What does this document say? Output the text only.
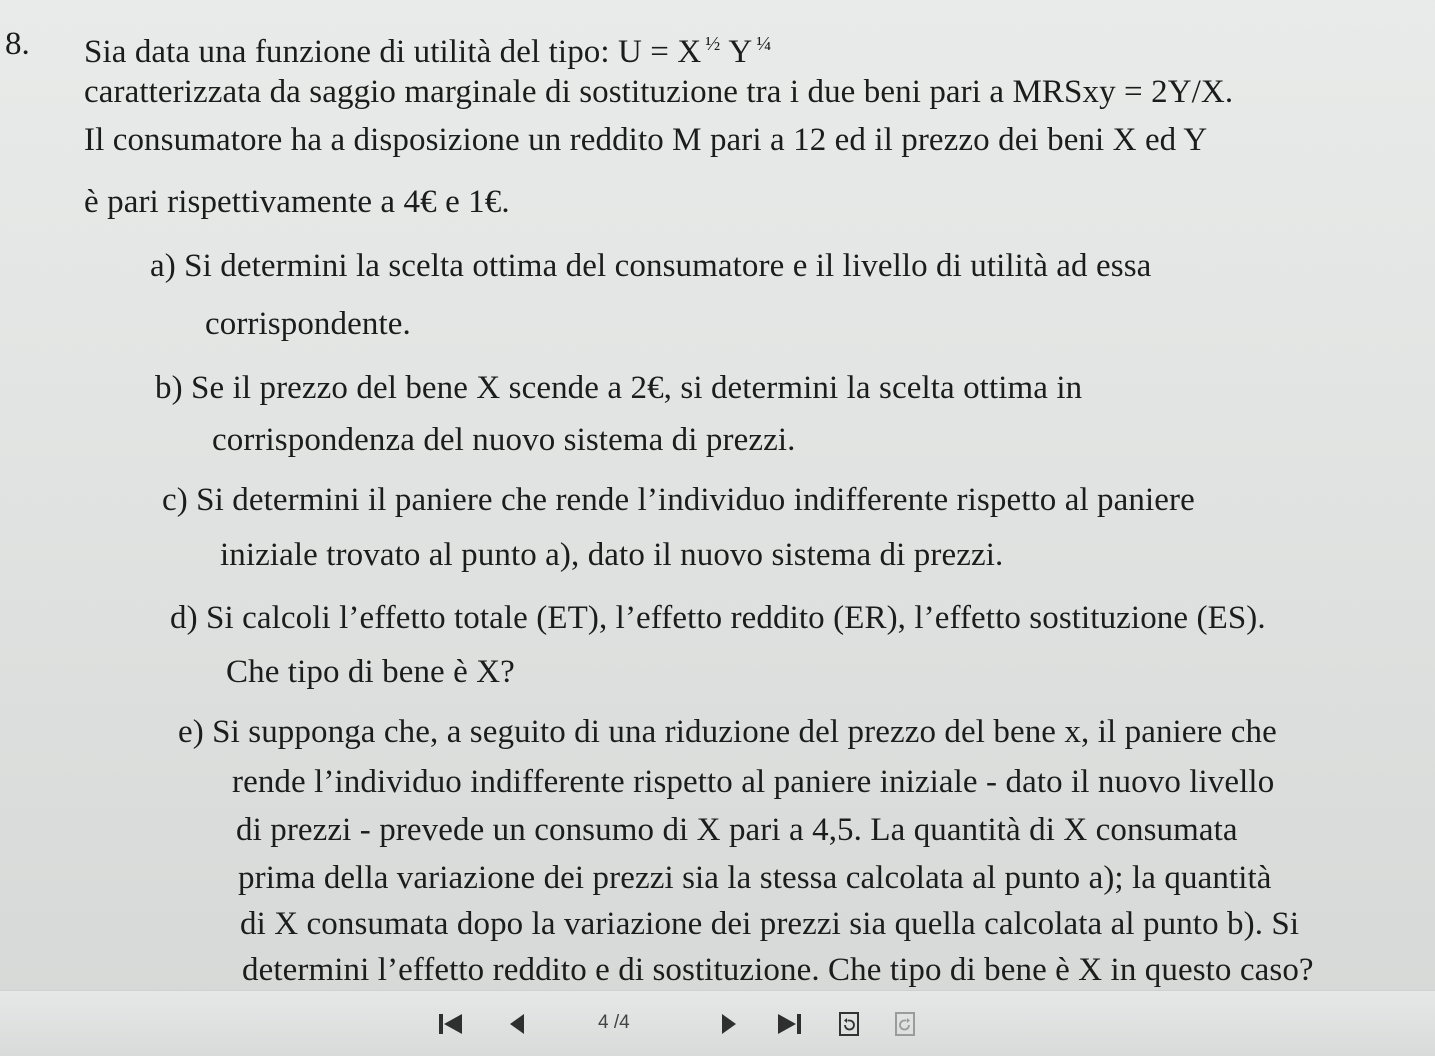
8. Sia data una funzione di utilità del tipo: U = X $^{\frac{1}{2}}$ Y $^{\frac{1}{4}}$
caratterizzata da saggio marginale di sostituzione tra i due beni pari a MRSxy = 2Y/X.
Il consumatore ha a disposizione un reddito M pari a 12 ed il prezzo dei beni X ed Y
è pari rispettivamente a 4€ e 1€.
a) Si determini la scelta ottima del consumatore e il livello di utilità ad essa
corrispondente.
b) Se il prezzo del bene X scende a 2€, si determini la scelta ottima in
corrispondenza del nuovo sistema di prezzi.
c) Si determini il paniere che rende l’individuo indifferente rispetto al paniere
iniziale trovato al punto a), dato il nuovo sistema di prezzi.
d) Si calcoli l’effetto totale (ET), l’effetto reddito (ER), l’effetto sostituzione (ES).
Che tipo di bene è X?
e) Si supponga che, a seguito di una riduzione del prezzo del bene x, il paniere che
rende l’individuo indifferente rispetto al paniere iniziale - dato il nuovo livello
di prezzi - prevede un consumo di X pari a 4,5. La quantità di X consumata
prima della variazione dei prezzi sia la stessa calcolata al punto a); la quantità
di X consumata dopo la variazione dei prezzi sia quella calcolata al punto b). Si
determini l’effetto reddito e di sostituzione. Che tipo di bene è X in questo caso?
4 /4
